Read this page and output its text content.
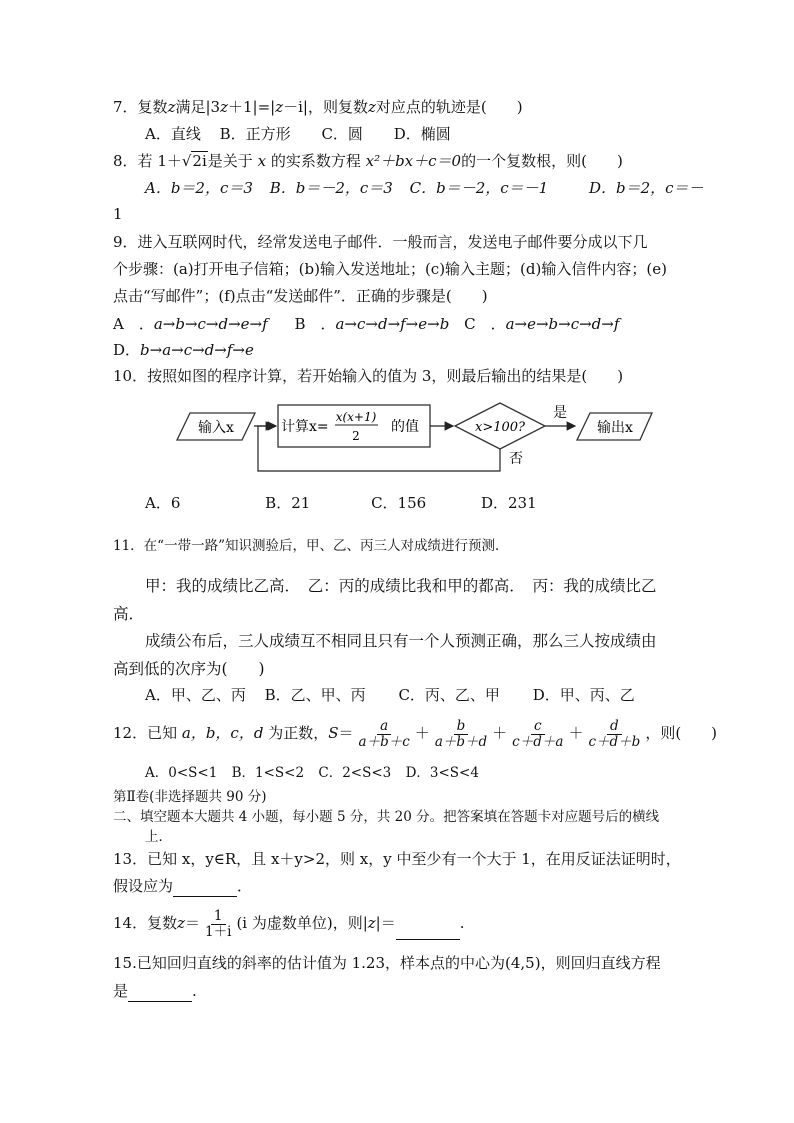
7．复数z满足|3z＋1|=|z－i|，则复数z对应点的轨迹是(　　)
A．直线 B．正方形 C．圆 D．椭圆
8．若 1＋√2i是关于 x 的实系数方程 x²＋bx＋c＝0的一个复数根，则(　　)
A．b＝2，c＝3 B．b＝－2，c＝3 C．b＝－2，c＝－1	D．b＝2，c＝－
1
9．进入互联网时代，经常发送电子邮件．一般而言，发送电子邮件要分成以下几
个步骤：(a)打开电子信箱；(b)输入发送地址；(c)输入主题；(d)输入信件内容；(e)
点击“写邮件”；(f)点击“发送邮件”．正确的步骤是(　　)
A　．a→b→c→d→e→f B　．a→c→d→f→e→b C　．a→e→b→c→d→f
D．b→a→c→d→f→e
10．按照如图的程序计算，若开始输入的值为 3，则最后输出的结果是(　　)
输入x	计算x=
x(x+1)
2
的值	x>100?
是
输出x
否
A．6	B．21	C．156	D．231
11．在“一带一路”知识测验后，甲、乙、丙三人对成绩进行预测．
甲：我的成绩比乙高．　乙：丙的成绩比我和甲的都高．　丙：我的成绩比乙
高．
成绩公布后，三人成绩互不相同且只有一个人预测正确，那么三人按成绩由
高到低的次序为(　　)
A．甲、乙、丙 B．乙、甲、丙 C．丙、乙、甲 D．甲、丙、乙
12．已知 a，b，c，d 为正数，$S= \frac{a}{a+b+c} + \frac{b}{a+b+d} + \frac{c}{c+d+a} + \frac{d}{c+d+b}$ ，则(　　)
A．0<S<1 B．1<S<2 C．2<S<3 D．3<S<4
第Ⅱ卷(非选择题共 90 分)
二、填空题本大题共 4 小题，每小题 5 分，共 20 分。把答案填在答题卡对应题号后的横线
上．
13．已知 x，y∈R，且 x＋y>2，则 x，y 中至少有一个大于 1，在用反证法证明时，
假设应为	．
14．复数$z= \frac{1}{1+i} (i$ 为虚数单位)，则|z|＝	.
15.已知回归直线的斜率的估计值为 1.23，样本点的中心为(4,5)，则回归直线方程
是	.
